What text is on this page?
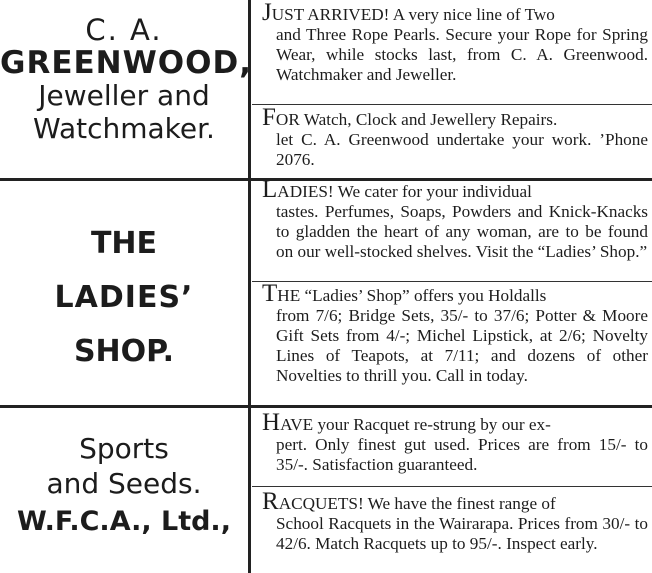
C. A.
GREENWOOD,
Jeweller and
Watchmaker.
JUST ARRIVED! A very nice line of Two
and Three Rope Pearls. Secure your Rope for Spring Wear, while stocks last, from C. A. Greenwood. Watchmaker and Jeweller.
FOR Watch, Clock and Jewellery Repairs.
let C. A. Greenwood undertake your work. ’Phone 2076.
THE
LADIES’
SHOP.
LADIES! We cater for your individual
tastes. Perfumes, Soaps, Powders and Knick-Knacks to gladden the heart of any woman, are to be found on our well-stocked shelves. Visit the “Ladies’ Shop.”
THE “Ladies’ Shop” offers you Holdalls
from 7/6; Bridge Sets, 35/- to 37/6; Potter & Moore Gift Sets from 4/-; Michel Lipstick, at 2/6; Novelty Lines of Teapots, at 7/11; and dozens of other Novelties to thrill you. Call in today.
Sports
and Seeds.
W.F.C.A., Ltd.,
HAVE your Racquet re-strung by our ex-
pert. Only finest gut used. Prices are from 15/- to 35/-. Satisfaction guaranteed.
RACQUETS! We have the finest range of
School Racquets in the Wairarapa. Prices from 30/- to 42/6. Match Racquets up to 95/-. Inspect early.
